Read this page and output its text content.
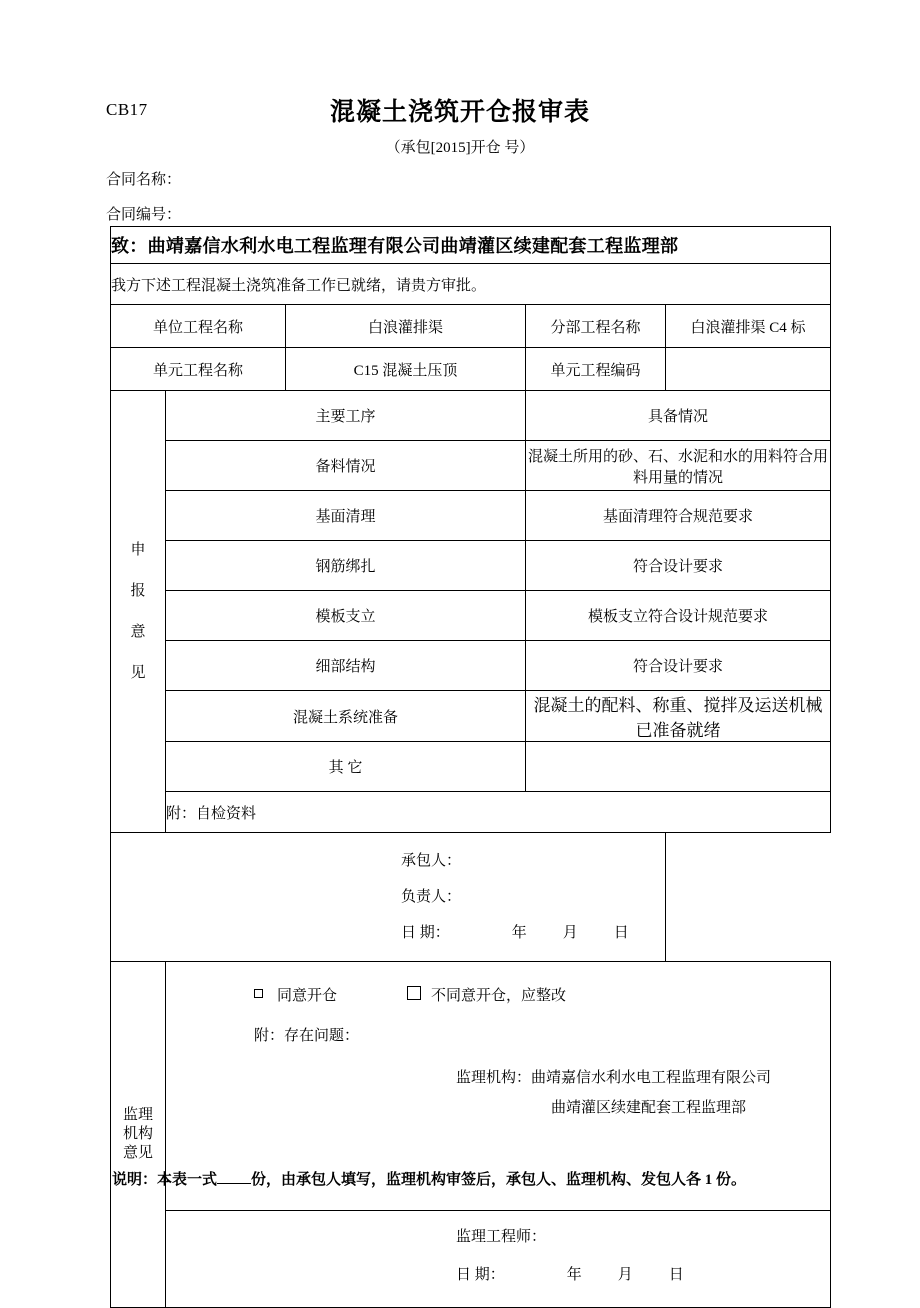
CB17	混凝土浇筑开仓报审表
（承包[2015]开仓 号）
合同名称：
合同编号：
致：曲靖嘉信水利水电工程监理有限公司曲靖灌区续建配套工程监理部				
我方下述工程混凝土浇筑准备工作已就绪，请贵方审批。				
单位工程名称		白浪灌排渠	分部工程名称	白浪灌排渠 C4 标
单元工程名称		C15 混凝土压顶	单元工程编码	

申
报
意
见	主要工序		具备情况	
	备料情况		混凝土所用的砂、石、水泥和水的用料符合用料用量的情况	
	基面清理		基面清理符合规范要求	
	钢筋绑扎		符合设计要求	
	模板支立		模板支立符合设计规范要求	
	细部结构		符合设计要求	
	混凝土系统准备		混凝土的配料、称重、搅拌及运送机械已准备就绪	
	其 它			
	附：自检资料			

承包人：
负责人：
日 期： 年 月 日				

监理
机构
意见

同意开仓	不同意开仓，应整改
附：存在问题：
监理机构：曲靖嘉信水利水电工程监理有限公司
曲靖灌区续建配套工程监理部

	监理工程师：
日 期： 年 月 日			
说明：本表一式 份，由承包人填写，监理机构审签后，承包人、监理机构、发包人各 1 份。
